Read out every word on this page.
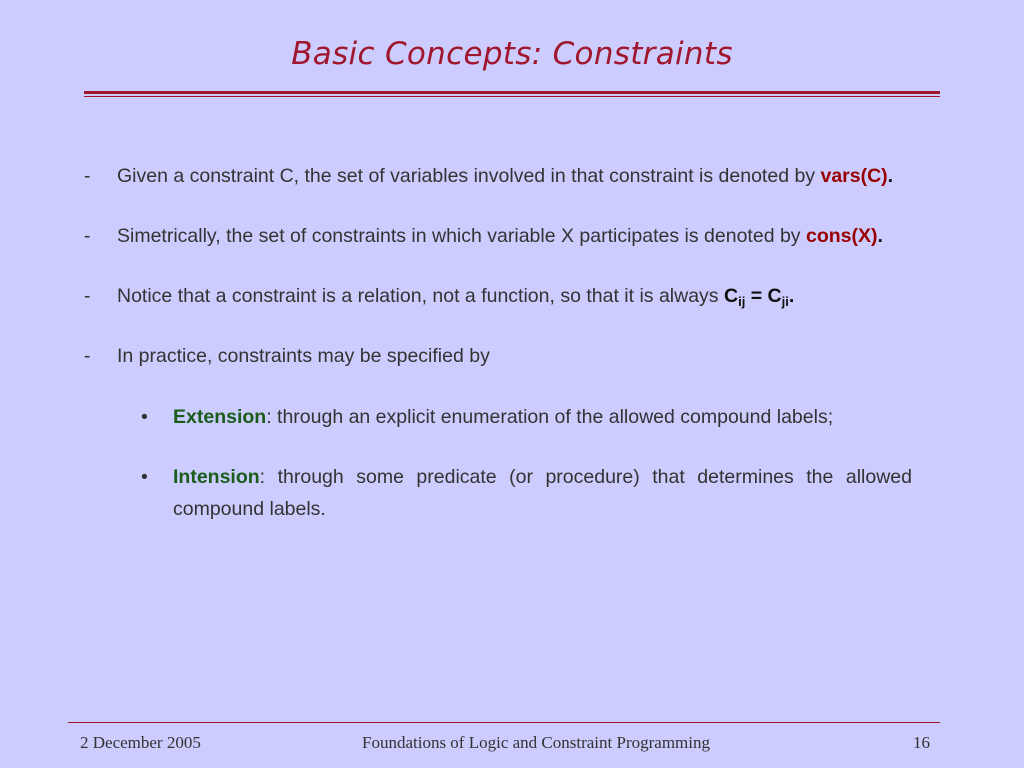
Basic Concepts: Constraints
-	Given a constraint C, the set of variables involved in that constraint is denoted by vars(C).
-	Simetrically, the set of constraints in which variable X participates is denoted by cons(X).
-	Notice that a constraint is a relation, not a function, so that it is always $C_{ij} = C_{ji}$.
-	In practice, constraints may be specified by
•	Extension: through an explicit enumeration of the allowed compound labels;
•	Intension: through some predicate (or procedure) that determines the allowed compound labels.
2 December 2005	Foundations of Logic and Constraint Programming	16
